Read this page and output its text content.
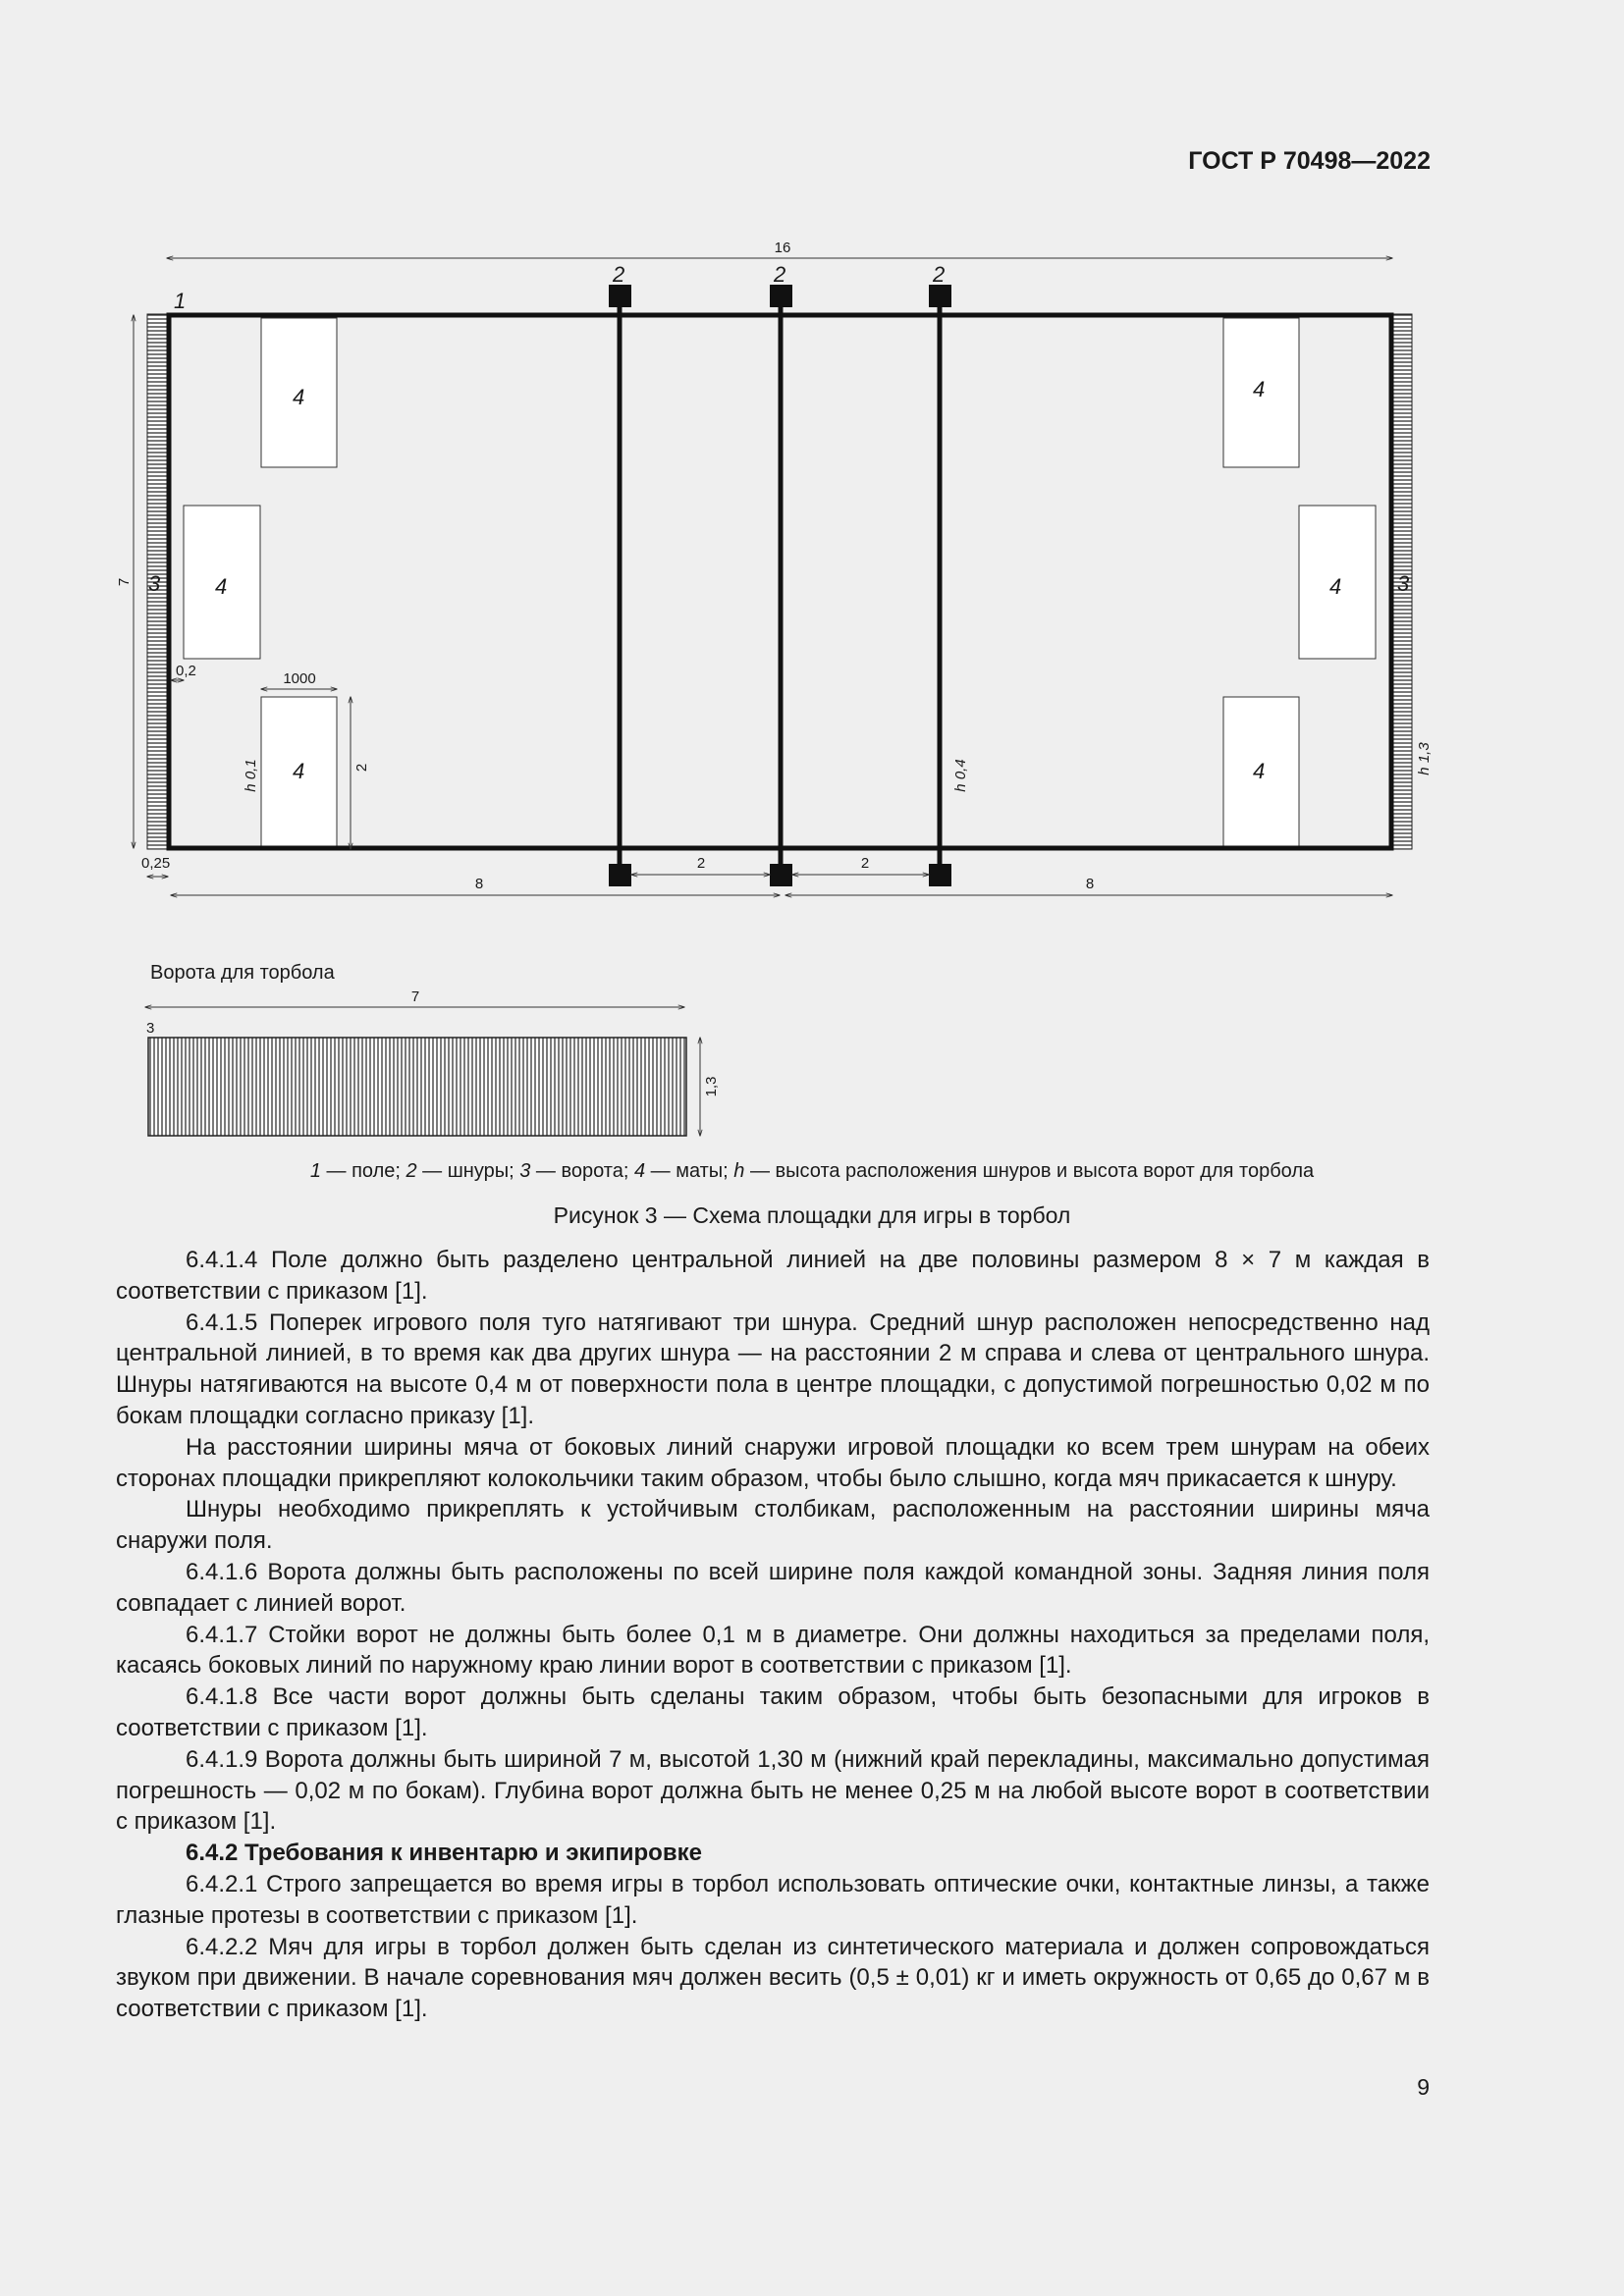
ГОСТ Р 70498—2022
16
1
2	2	2
3	3
4
4
4
4
4
4
7
0,2	1000
2
h 0,1	h 0,4
h 1,3
0,25	2	2
8	8
Ворота для торбола
7
3
1,3
1 — поле; 2 — шнуры; 3 — ворота; 4 — маты; h — высота расположения шнуров и высота ворот для торбола
Рисунок 3 — Схема площадки для игры в торбол

6.4.1.4 Поле должно быть разделено центральной линией на две половины размером 8 × 7 м каждая в соответствии с приказом [1].

6.4.1.5 Поперек игрового поля туго натягивают три шнура. Средний шнур расположен непосредственно над центральной линией, в то время как два других шнура — на расстоянии 2 м справа и слева от центрального шнура. Шнуры натягиваются на высоте 0,4 м от поверхности пола в центре площадки, с допустимой погрешностью 0,02 м по бокам площадки согласно приказу [1].

На расстоянии ширины мяча от боковых линий снаружи игровой площадки ко всем трем шнурам на обеих сторонах площадки прикрепляют колокольчики таким образом, чтобы было слышно, когда мяч прикасается к шнуру.

Шнуры необходимо прикреплять к устойчивым столбикам, расположенным на расстоянии ширины мяча снаружи поля.

6.4.1.6 Ворота должны быть расположены по всей ширине поля каждой командной зоны. Задняя линия поля совпадает с линией ворот.

6.4.1.7 Стойки ворот не должны быть более 0,1 м в диаметре. Они должны находиться за пределами поля, касаясь боковых линий по наружному краю линии ворот в соответствии с приказом [1].

6.4.1.8 Все части ворот должны быть сделаны таким образом, чтобы быть безопасными для игроков в соответствии с приказом [1].

6.4.1.9 Ворота должны быть шириной 7 м, высотой 1,30 м (нижний край перекладины, максимально допустимая погрешность — 0,02 м по бокам). Глубина ворот должна быть не менее 0,25 м на любой высоте ворот в соответствии с приказом [1].

6.4.2 Требования к инвентарю и экипировке

6.4.2.1 Строго запрещается во время игры в торбол использовать оптические очки, контактные линзы, а также глазные протезы в соответствии с приказом [1].

6.4.2.2 Мяч для игры в торбол должен быть сделан из синтетического материала и должен сопровождаться звуком при движении. В начале соревнования мяч должен весить (0,5 ± 0,01) кг и иметь окружность от 0,65 до 0,67 м в соответствии с приказом [1].

9
